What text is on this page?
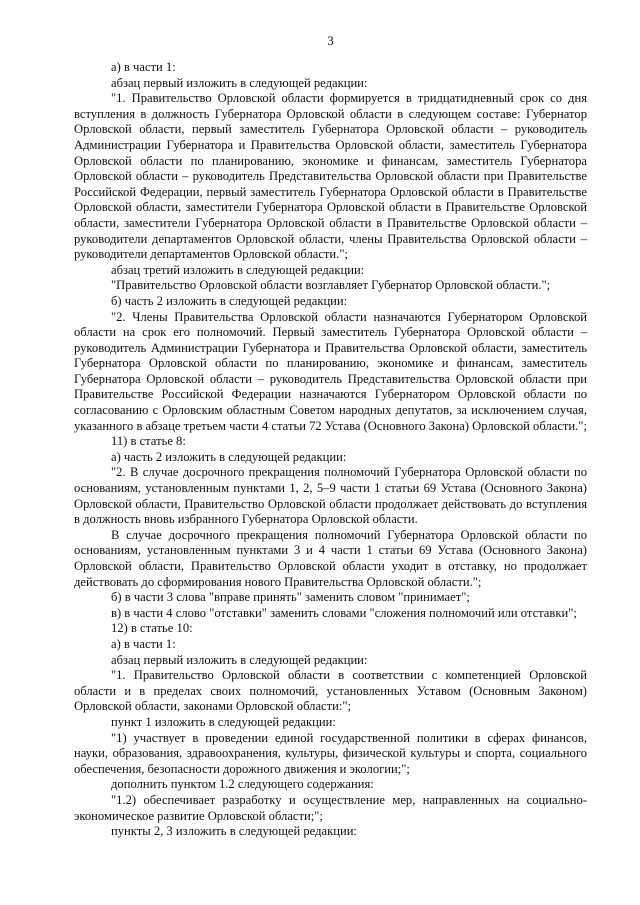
3

а) в части 1:

абзац первый изложить в следующей редакции:

"1. Правительство Орловской области формируется в тридцатидневный срок со дня вступления в должность Губернатора Орловской области в следующем составе: Губернатор Орловской области, первый заместитель Губернатора Орловской области – руководитель Администрации Губернатора и Правительства Орловской области, заместитель Губернатора Орловской области по планированию, экономике и финансам, заместитель Губернатора Орловской области – руководитель Представительства Орловской области при Правительстве Российской Федерации, первый заместитель Губернатора Орловской области в Правительстве Орловской области, заместители Губернатора Орловской области в Правительстве Орловской области, заместители Губернатора Орловской области в Правительстве Орловской области – руководители департаментов Орловской области, члены Правительства Орловской области – руководители департаментов Орловской области.";

абзац третий изложить в следующей редакции:

"Правительство Орловской области возглавляет Губернатор Орловской области.";

б) часть 2 изложить в следующей редакции:

"2. Члены Правительства Орловской области назначаются Губернатором Орловской области на срок его полномочий. Первый заместитель Губернатора Орловской области – руководитель Администрации Губернатора и Правительства Орловской области, заместитель Губернатора Орловской области по планированию, экономике и финансам, заместитель Губернатора Орловской области – руководитель Представительства Орловской области при Правительстве Российской Федерации назначаются Губернатором Орловской области по согласованию с Орловским областным Советом народных депутатов, за исключением случая, указанного в абзаце третьем части 4 статьи 72 Устава (Основного Закона) Орловской области.";

11) в статье 8:

а) часть 2 изложить в следующей редакции:

"2. В случае досрочного прекращения полномочий Губернатора Орловской области по основаниям, установленным пунктами 1, 2, 5–9 части 1 статьи 69 Устава (Основного Закона) Орловской области, Правительство Орловской области продолжает действовать до вступления в должность вновь избранного Губернатора Орловской области.

В случае досрочного прекращения полномочий Губернатора Орловской области по основаниям, установленным пунктами 3 и 4 части 1 статьи 69 Устава (Основного Закона) Орловской области, Правительство Орловской области уходит в отставку, но продолжает действовать до сформирования нового Правительства Орловской области.";

б) в части 3 слова "вправе принять" заменить словом "принимает";

в) в части 4 слово "отставки" заменить словами "сложения полномочий или отставки";

12) в статье 10:

а) в части 1:

абзац первый изложить в следующей редакции:

"1. Правительство Орловской области в соответствии с компетенцией Орловской области и в пределах своих полномочий, установленных Уставом (Основным Законом) Орловской области, законами Орловской области:";

пункт 1 изложить в следующей редакции:

"1) участвует в проведении единой государственной политики в сферах финансов, науки, образования, здравоохранения, культуры, физической культуры и спорта, социального обеспечения, безопасности дорожного движения и экологии;";

дополнить пунктом 1.2 следующего содержания:

"1.2) обеспечивает разработку и осуществление мер, направленных на социально-экономическое развитие Орловской области;";

пункты 2, 3 изложить в следующей редакции:
